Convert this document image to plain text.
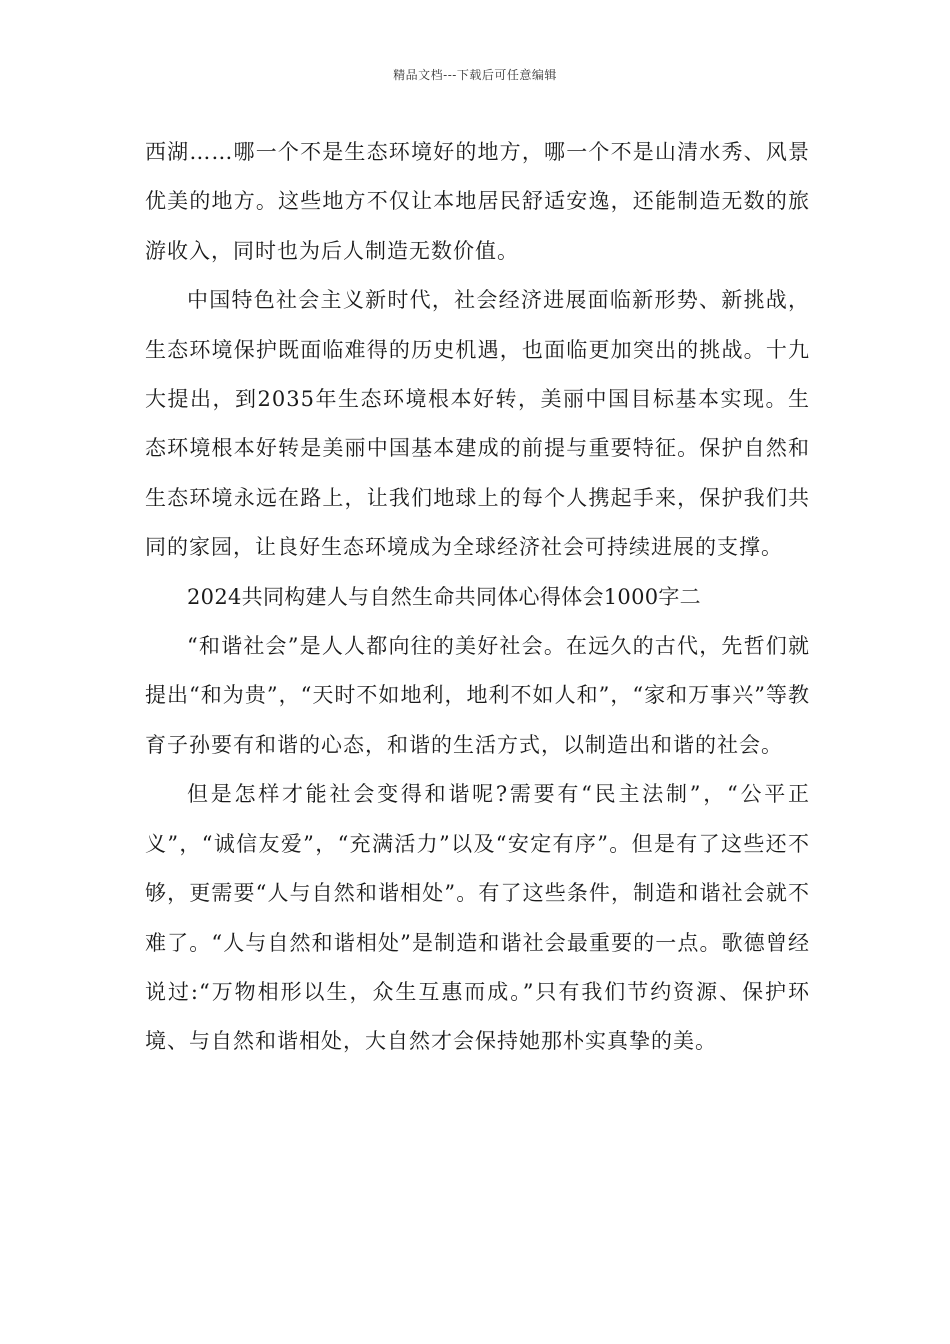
精品文档---下载后可任意编辑

西湖……哪一个不是生态环境好的地方，哪一个不是山清水秀、风景优美的地方。这些地方不仅让本地居民舒适安逸，还能制造无数的旅游收入，同时也为后人制造无数价值。

中国特色社会主义新时代，社会经济进展面临新形势、新挑战，生态环境保护既面临难得的历史机遇，也面临更加突出的挑战。十九大提出，到2035年生态环境根本好转，美丽中国目标基本实现。生态环境根本好转是美丽中国基本建成的前提与重要特征。保护自然和生态环境永远在路上，让我们地球上的每个人携起手来，保护我们共同的家园，让良好生态环境成为全球经济社会可持续进展的支撑。

2024共同构建人与自然生命共同体心得体会1000字二

“和谐社会”是人人都向往的美好社会。在远久的古代，先哲们就提出“和为贵”，“天时不如地利，地利不如人和”，“家和万事兴”等教育子孙要有和谐的心态，和谐的生活方式，以制造出和谐的社会。

但是怎样才能社会变得和谐呢?需要有“民主法制”，“公平正义”，“诚信友爱”，“充满活力”以及“安定有序”。但是有了这些还不够，更需要“人与自然和谐相处”。有了这些条件，制造和谐社会就不难了。“人与自然和谐相处”是制造和谐社会最重要的一点。歌德曾经说过:“万物相形以生，众生互惠而成。”只有我们节约资源、保护环境、与自然和谐相处，大自然才会保持她那朴实真挚的美。
